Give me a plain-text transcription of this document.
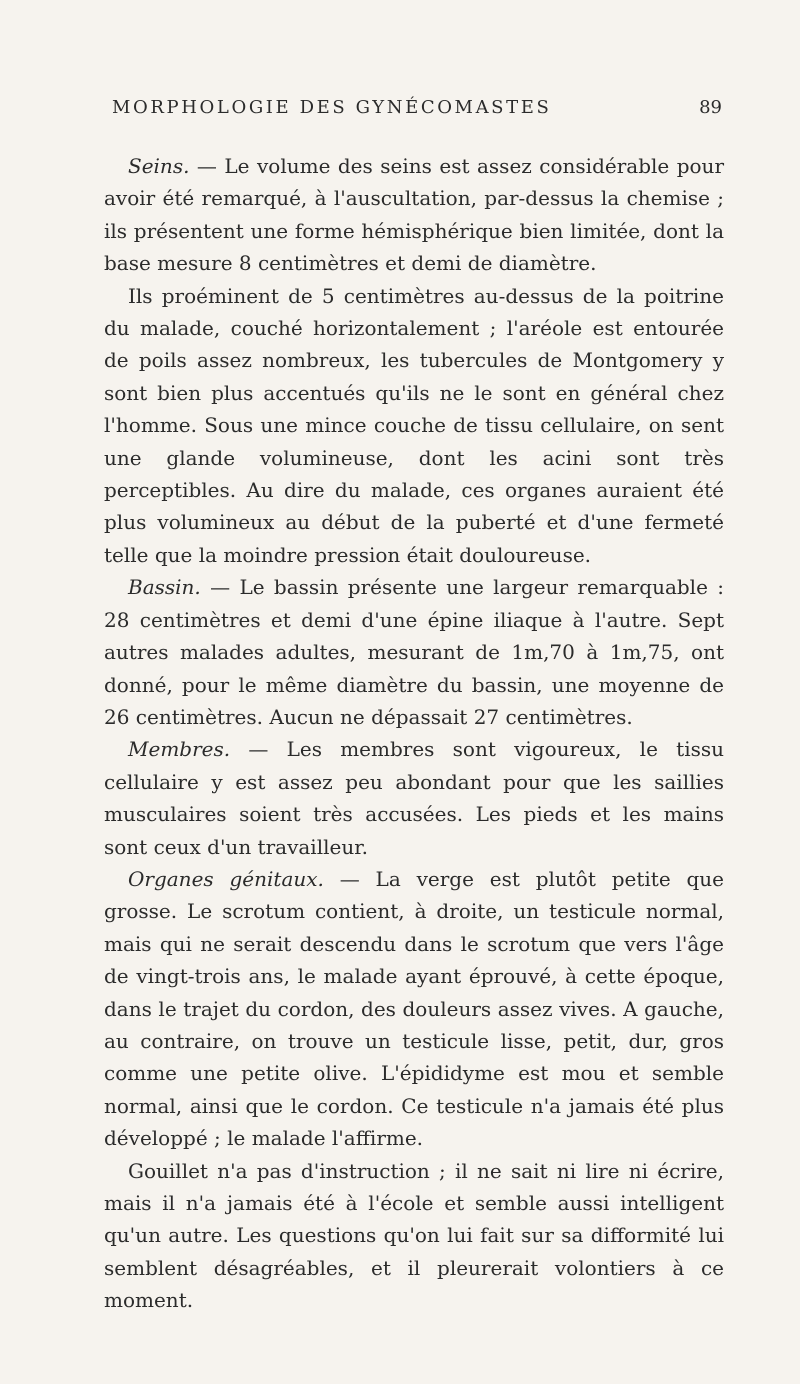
MORPHOLOGIE DES GYNÉCOMASTES	89

Seins. — Le volume des seins est assez considérable pour avoir été remarqué, à l'auscultation, par-dessus la chemise ; ils présentent une forme hémisphérique bien limitée, dont la base mesure 8 centimètres et demi de diamètre.

Ils proéminent de 5 centimètres au-dessus de la poitrine du malade, couché horizontalement ; l'aréole est entourée de poils assez nombreux, les tubercules de Montgomery y sont bien plus accentués qu'ils ne le sont en général chez l'homme. Sous une mince couche de tissu cellulaire, on sent une glande volumineuse, dont les acini sont très perceptibles. Au dire du malade, ces organes auraient été plus volumineux au début de la puberté et d'une fermeté telle que la moindre pression était douloureuse.

Bassin. — Le bassin présente une largeur remarquable : 28 centimètres et demi d'une épine iliaque à l'autre. Sept autres malades adultes, mesurant de 1m,70 à 1m,75, ont donné, pour le même diamètre du bassin, une moyenne de 26 centimètres. Aucun ne dépassait 27 centimètres.

Membres. — Les membres sont vigoureux, le tissu cellulaire y est assez peu abondant pour que les saillies musculaires soient très accusées. Les pieds et les mains sont ceux d'un travailleur.

Organes génitaux. — La verge est plutôt petite que grosse. Le scrotum contient, à droite, un testicule normal, mais qui ne serait descendu dans le scrotum que vers l'âge de vingt-trois ans, le malade ayant éprouvé, à cette époque, dans le trajet du cordon, des douleurs assez vives. A gauche, au contraire, on trouve un testicule lisse, petit, dur, gros comme une petite olive. L'épididyme est mou et semble normal, ainsi que le cordon. Ce testicule n'a jamais été plus développé ; le malade l'affirme.

Gouillet n'a pas d'instruction ; il ne sait ni lire ni écrire, mais il n'a jamais été à l'école et semble aussi intelligent qu'un autre. Les questions qu'on lui fait sur sa difformité lui semblent désagréables, et il pleurerait volontiers à ce moment.
